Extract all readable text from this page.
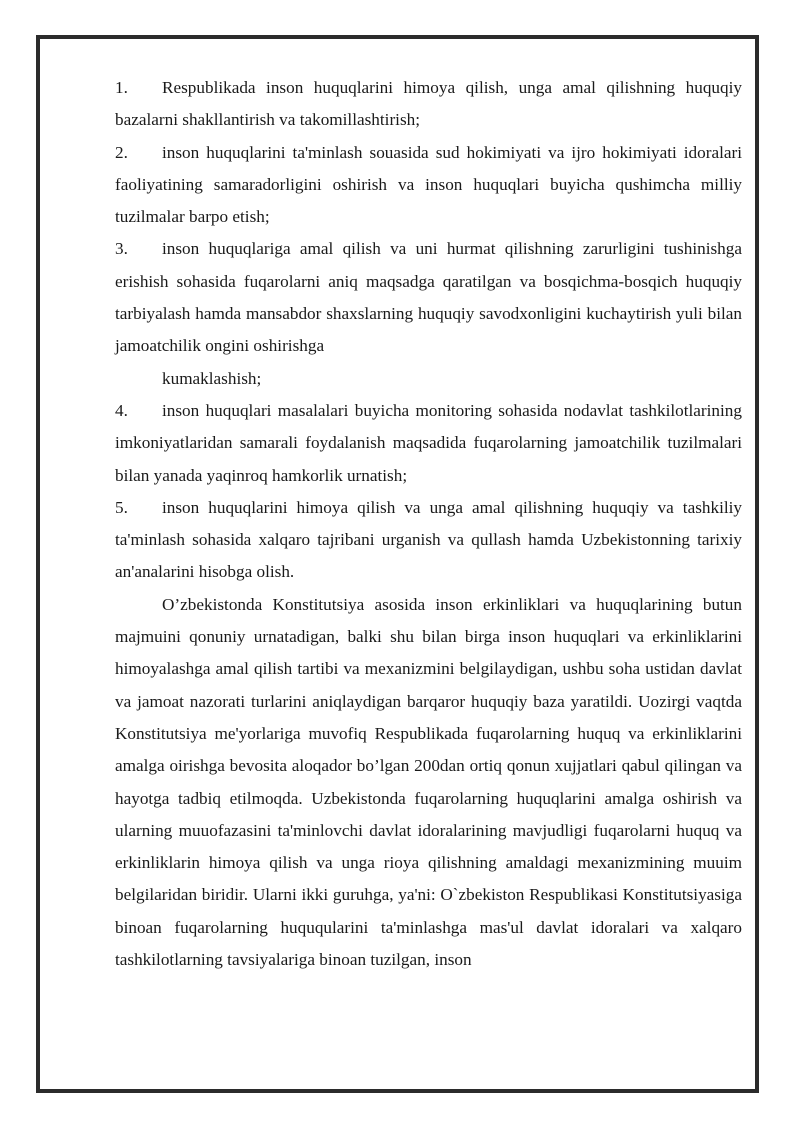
1. Respublikada inson huquqlarini himoya qilish, unga amal qilishning huquqiy bazalarni shakllantirish va takomillashtirish;

2. inson huquqlarini ta'minlash souasida sud hokimiyati va ijro hokimiyati idoralari faoliyatining samaradorligini oshirish va inson huquqlari buyicha qushimcha milliy tuzilmalar barpo etish;

3. inson huquqlariga amal qilish va uni hurmat qilishning zarurligini tushinishga erishish sohasida fuqarolarni aniq maqsadga qaratilgan va bosqichma-bosqich huquqiy tarbiyalash hamda mansabdor shaxslarning huquqiy savodxonligini kuchaytirish yuli bilan jamoatchilik ongini oshirishga
kumaklashish;

4. inson huquqlari masalalari buyicha monitoring sohasida nodavlat tashkilotlarining imkoniyatlaridan samarali foydalanish maqsadida fuqarolarning jamoatchilik tuzilmalari bilan yanada yaqinroq hamkorlik urnatish;

5. inson huquqlarini himoya qilish va unga amal qilishning huquqiy va tashkiliy ta'minlash sohasida xalqaro tajribani urganish va qullash hamda Uzbekistonning tarixiy an'analarini hisobga olish.

O’zbekistonda Konstitutsiya asosida inson erkinliklari va huquqlarining butun majmuini qonuniy urnatadigan, balki shu bilan birga inson huquqlari va erkinliklarini himoyalashga amal qilish tartibi va mexanizmini belgilaydigan, ushbu soha ustidan davlat va jamoat nazorati turlarini aniqlaydigan barqaror huquqiy baza yaratildi. Uozirgi vaqtda Konstitutsiya me'yorlariga muvofiq Respublikada fuqarolarning huquq va erkinliklarini amalga oirishga bevosita aloqador bo’lgan 200dan ortiq qonun xujjatlari qabul qilingan va hayotga tadbiq etilmoqda. Uzbekistonda fuqarolarning huquqlarini amalga oshirish va ularning muuofazasini ta'minlovchi davlat idoralarining mavjudligi fuqarolarni huquq va erkinliklarin himoya qilish va unga rioya qilishning amaldagi mexanizmining muuim belgilaridan biridir. Ularni ikki guruhga, ya'ni: O`zbekiston Respublikasi Konstitutsiyasiga binoan fuqarolarning huquqularini ta'minlashga mas'ul davlat idoralari va xalqaro tashkilotlarning tavsiyalariga binoan tuzilgan, inson
